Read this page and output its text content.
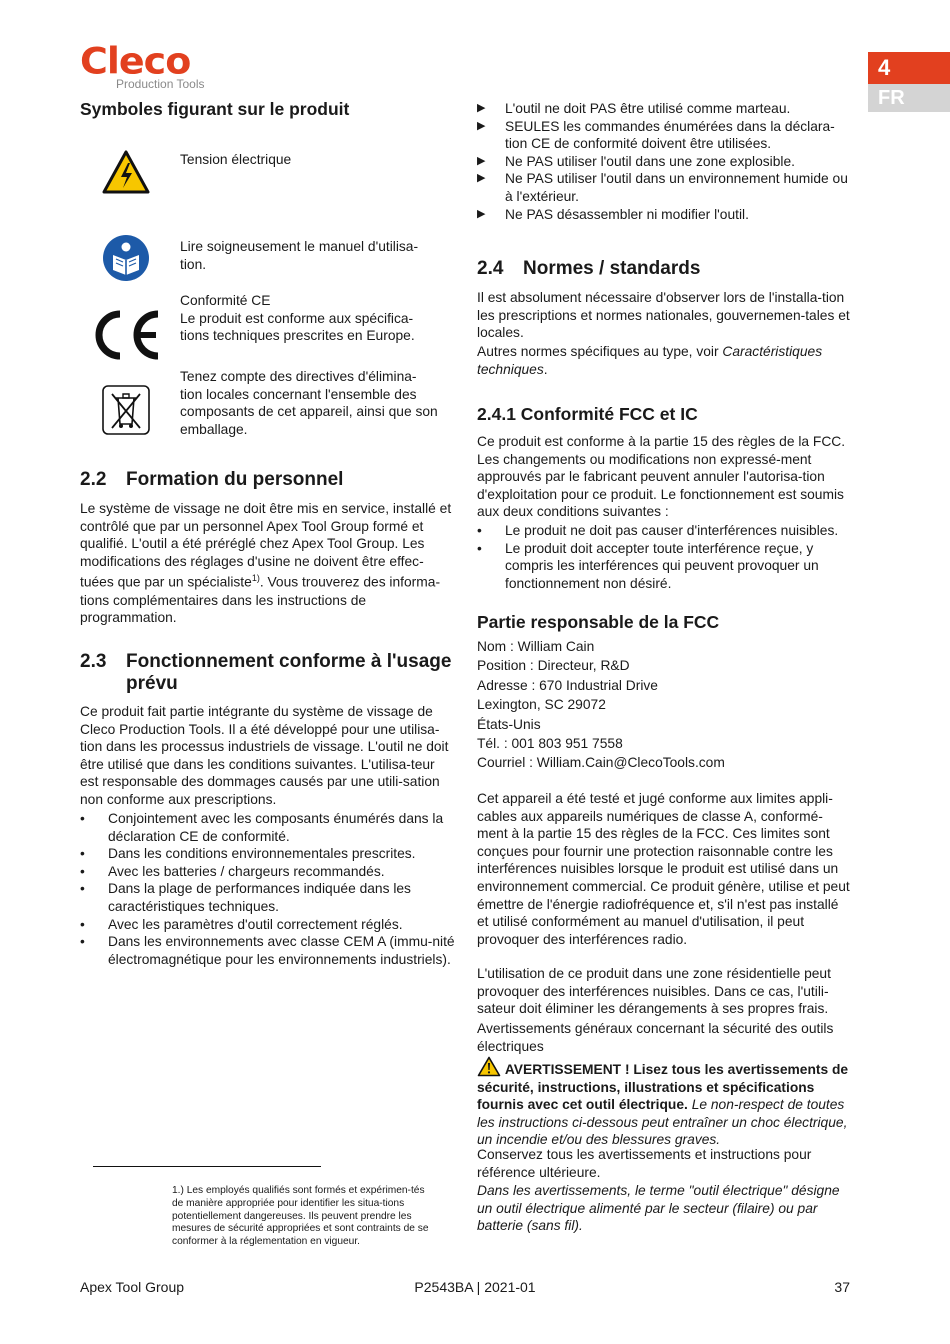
Cleco
Production Tools
4
FR
Symboles figurant sur le produit
Tension électrique
Lire soigneusement le manuel d'utilisa-
tion.
Conformité CE
Le produit est conforme aux spécifica-
tions techniques prescrites en Europe.
Tenez compte des directives d'élimina-
tion locales concernant l'ensemble des
composants de cet appareil, ainsi que son
emballage.
2.2	Formation du personnel

Le système de vissage ne doit être mis en service, installé et contrôlé que par un personnel Apex Tool Group formé et qualifié. L'outil a été préréglé chez Apex Tool Group. Les modifications des réglages d'usine ne doivent être effec-tuées que par un spécialiste$^{1)}$. Vous trouverez des informa-tions complémentaires dans les instructions de programmation.

2.3	Fonctionnement conforme à l'usage prévu

Ce produit fait partie intégrante du système de vissage de Cleco Production Tools. Il a été développé pour une utilisa-tion dans les processus industriels de vissage. L'outil ne doit être utilisé que dans les conditions suivantes. L'utilisa-teur est responsable des dommages causés par une utili-sation non conforme aux prescriptions.

• Conjointement avec les composants énumérés dans la déclaration CE de conformité.
• Dans les conditions environnementales prescrites.
• Avec les batteries / chargeurs recommandés.
• Dans la plage de performances indiquée dans les caractéristiques techniques.
• Avec les paramètres d'outil correctement réglés.
• Dans les environnements avec classe CEM A (immu-nité électromagnétique pour les environnements industriels).

1.) Les employés qualifiés sont formés et expérimen-tés de manière appropriée pour identifier les situa-tions potentiellement dangereuses. Ils peuvent prendre les mesures de sécurité appropriées et sont contraints de se conformer à la réglementation en vigueur.

▶ L'outil ne doit PAS être utilisé comme marteau.
▶ SEULES les commandes énumérées dans la déclara-tion CE de conformité doivent être utilisées.
▶ Ne PAS utiliser l'outil dans une zone explosible.
▶ Ne PAS utiliser l'outil dans un environnement humide ou à l'extérieur.
▶ Ne PAS désassembler ni modifier l'outil.
2.4	Normes / standards

Il est absolument nécessaire d'observer lors de l'installa-tion les prescriptions et normes nationales, gouvernemen-tales et locales.

Autres normes spécifiques au type, voir Caractéristiques techniques.

2.4.1 Conformité FCC et IC

Ce produit est conforme à la partie 15 des règles de la FCC. Les changements ou modifications non expressé-ment approuvés par le fabricant peuvent annuler l'autorisa-tion d'exploitation pour ce produit. Le fonctionnement est soumis aux deux conditions suivantes :

• Le produit ne doit pas causer d'interférences nuisibles.
• Le produit doit accepter toute interférence reçue, y compris les interférences qui peuvent provoquer un fonctionnement non désiré.
Partie responsable de la FCC
Nom : William Cain
Position : Directeur, R&D
Adresse : 670 Industrial Drive
Lexington, SC 29072
États-Unis
Tél. : 001 803 951 7558
Courriel : William.Cain@ClecoTools.com

Cet appareil a été testé et jugé conforme aux limites appli-cables aux appareils numériques de classe A, conformé-ment à la partie 15 des règles de la FCC. Ces limites sont conçues pour fournir une protection raisonnable contre les interférences nuisibles lorsque le produit est utilisé dans un environnement commercial. Ce produit génère, utilise et peut émettre de l'énergie radiofréquence et, s'il n'est pas installé et utilisé conformément au manuel d'utilisation, il peut provoquer des interférences radio.

L'utilisation de ce produit dans une zone résidentielle peut provoquer des interférences nuisibles. Dans ce cas, l'utili-sateur doit éliminer les dérangements à ses propres frais.

Avertissements généraux concernant la sécurité des outils électriques

AVERTISSEMENT ! Lisez tous les avertissements de sécurité, instructions, illustrations et spécifications fournis avec cet outil électrique. Le non-respect de toutes les instructions ci-dessous peut entraîner un choc électrique, un incendie et/ou des blessures graves.

Conservez tous les avertissements et instructions pour référence ultérieure.

Dans les avertissements, le terme "outil électrique" désigne un outil électrique alimenté par le secteur (filaire) ou par batterie (sans fil).

Apex Tool Group	P2543BA | 2021-01	37
